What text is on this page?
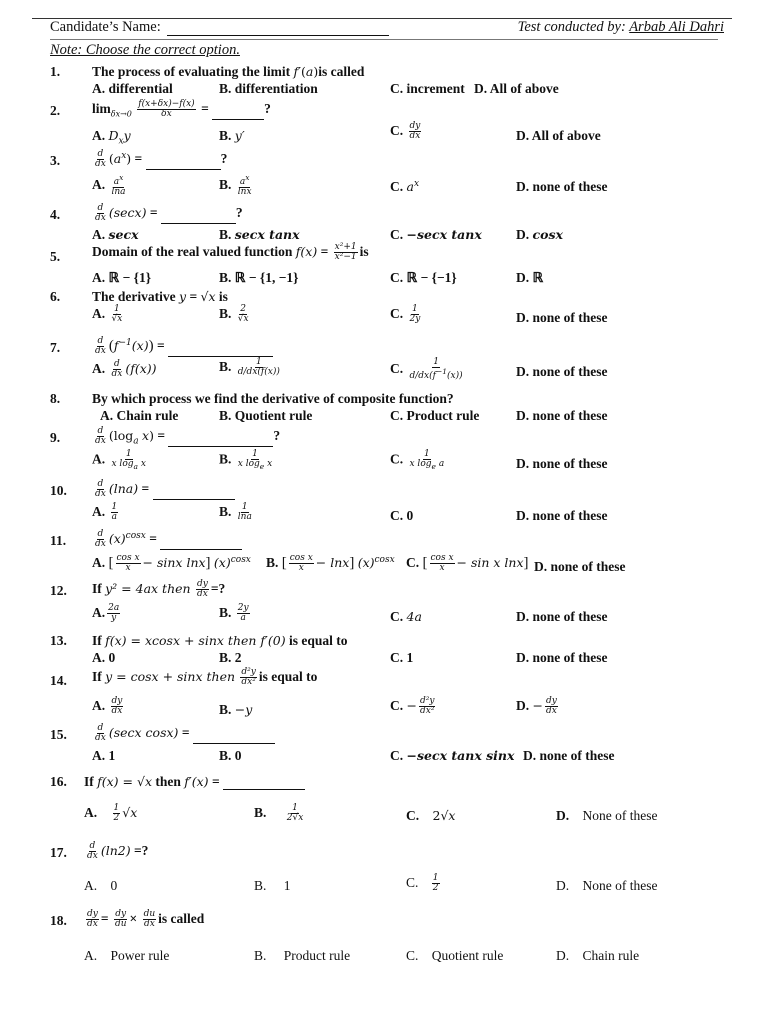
Candidate’s Name:	Test conducted by: Arbab Ali Dahri
Note: Choose the correct option.
1. The process of evaluating the limit f′(a)is called
A. differential	B. differentiation	C. increment D. All of above
2. $\lim_{\delta x\to 0} \frac{f(x+\delta x)-f(x)}{\delta x}$ =	?
A. $D_xy$	B. y′	C. $\frac{dy}{dx}$	D. All of above
3.	$\frac{d}{dx} (a^x)$ =	?
A. $\frac{a^x}{\ln a}$	B. $\frac{a^x}{\ln x}$	C. $a^x$	D. none of these
4.	$\frac{d}{dx} (\sec x)$ =	?
A. secx	B. secx tanx	C. −secx tanx	D. cosx
5. Domain of the real valued function $f(x) = \frac{\text{x²+1}}{\text{x²−1}}$ is
A. ℝ − {1}	B. ℝ − {1, −1}	C. ℝ − {−1}	D. ℝ
6. The derivative y = √x is
A. $\frac{1}{√x}$	B. $\frac{2}{√x}$	C. $\frac{1}{2y}$	D. none of these
7.	$\frac{d}{dx} (f^{-1}(x))$ =
A. $\frac{d}{dx} (f(x))$	B. $\frac{1}{d/dx(f(x))}$	C. $\frac{1}{d/dx(f^{-1}(x))}$	D. none of these
8. By which process we find the derivative of composite function?
A. Chain rule	B. Quotient rule	C. Product rule	D. none of these
9.	$\frac{d}{dx} (\log_a$ x) =	?
A. $\frac{1}{x \log_a x}$	B. $\frac{1}{x \log_e x}$	C. $\frac{1}{x \log_e a}$	D. none of these
10.	$\frac{d}{dx} (\ln a)$ =
A. $\frac{1}{a}$	B. $\frac{1}{\ln a}$	C. 0	D. none of these
11.	$\frac{d}{dx} (x)^{cosx}$ =
A. [ $\frac{\text{cos x}}{x} - \sin x$ lnx] $(x)^{cosx}$ B. [ $\frac{\text{cos x}}{x} - \ln x$] $(x)^{cosx}$ C. [ $\frac{\text{cos x}}{x} - \sin x$ lnx] D. none of these
12. If y² = 4ax then $\frac{dy}{dx}$ =?
A. $\frac{2a}{y}$	B. $\frac{2y}{a}$	C. 4a	D. none of these
13. If f(x) = xcosx + sinx then f′(0) is equal to
A. 0	B. 2	C. 1	D. none of these
14. If y = cosx + sinx then $\frac{\text{d²y}}{\text{dx²}}$ is equal to
A. $\frac{dy}{dx}$	B. −y	C. − $\frac{\text{d²y}}{\text{dx²}}$	D. − $\frac{dy}{dx}$
15.	$\frac{d}{dx} (\sec x$ cosx) =
A. 1	B. 0	C. −secx tanx sinx D. none of these
16. If f(x) = √x then f′(x) =
A. $\frac{1}{2} √x$	B. $\frac{1}{2√x}$	C. 2√x	D. None of these
17. $\frac{d}{dx} (\ln 2)$ =?
A. 0	B. 1	C. $\frac{1}{2}$	D. None of these
18. $\frac{dy}{dx} = \frac{dy}{du} \times \frac{du}{dx}$ is called
A. Power rule	B. Product rule	C. Quotient rule	D. Chain rule
